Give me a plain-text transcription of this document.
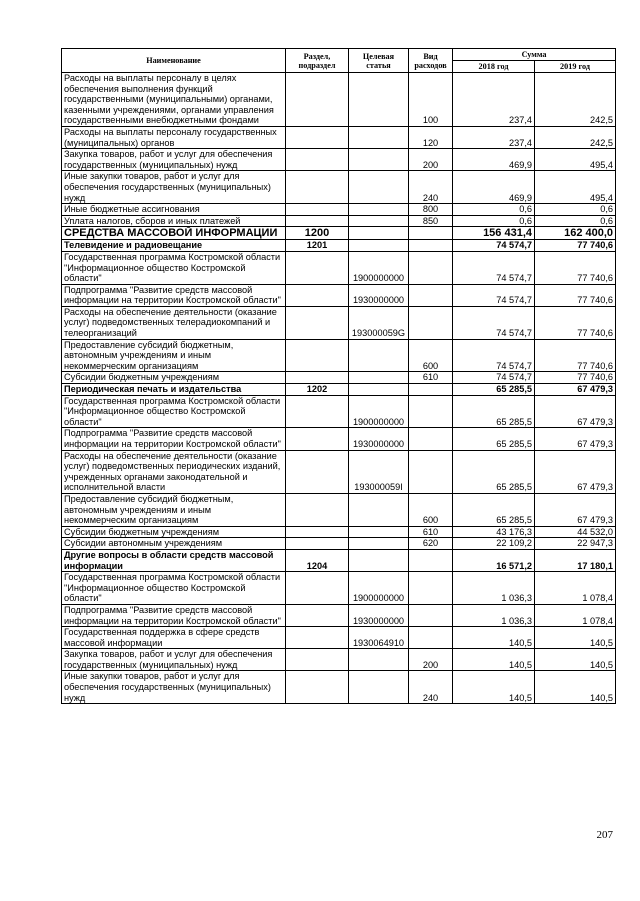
Наименование	Раздел, подраздел	Целевая статья	Вид расходов	Сумма	
				2018 год	2019 год
Расходы на выплаты персоналу в целях обеспечения выполнения функций государственными (муниципальными) органами, казенными учреждениями, органами управления государственными внебюджетными фондами			100	237,4	242,5
Расходы на выплаты персоналу государственных (муниципальных) органов			120	237,4	242,5
Закупка товаров, работ и услуг для обеспечения государственных (муниципальных) нужд			200	469,9	495,4
Иные закупки товаров, работ и услуг для обеспечения государственных (муниципальных) нужд			240	469,9	495,4
Иные бюджетные ассигнования			800	0,6	0,6
Уплата налогов, сборов и иных платежей			850	0,6	0,6
СРЕДСТВА МАССОВОЙ ИНФОРМАЦИИ	1200			156 431,4	162 400,0
Телевидение и радиовещание	1201			74 574,7	77 740,6
Государственная программа Костромской области "Информационное общество Костромской области"		1900000000		74 574,7	77 740,6
Подпрограмма "Развитие средств массовой информации на территории Костромской области"		1930000000		74 574,7	77 740,6
Расходы на обеспечение деятельности (оказание услуг) подведомственных телерадиокомпаний и телеорганизаций		193000059G		74 574,7	77 740,6
Предоставление субсидий бюджетным, автономным учреждениям и иным некоммерческим организациям			600	74 574,7	77 740,6
Субсидии бюджетным учреждениям			610	74 574,7	77 740,6
Периодическая печать и издательства	1202			65 285,5	67 479,3
Государственная программа Костромской области "Информационное общество Костромской области"		1900000000		65 285,5	67 479,3
Подпрограмма "Развитие средств массовой информации на территории Костромской области"		1930000000		65 285,5	67 479,3
Расходы на обеспечение деятельности (оказание услуг) подведомственных периодических изданий, учрежденных органами законодательной и исполнительной власти		193000059I		65 285,5	67 479,3
Предоставление субсидий бюджетным, автономным учреждениям и иным некоммерческим организациям			600	65 285,5	67 479,3
Субсидии бюджетным учреждениям			610	43 176,3	44 532,0
Субсидии автономным учреждениям			620	22 109,2	22 947,3
Другие вопросы в области средств массовой информации	1204			16 571,2	17 180,1
Государственная программа Костромской области "Информационное общество Костромской области"		1900000000		1 036,3	1 078,4
Подпрограмма "Развитие средств массовой информации на территории Костромской области"		1930000000		1 036,3	1 078,4
Государственная поддержка в сфере средств массовой информации		1930064910		140,5	140,5
Закупка товаров, работ и услуг для обеспечения государственных (муниципальных) нужд			200	140,5	140,5
Иные закупки товаров, работ и услуг для обеспечения государственных (муниципальных) нужд			240	140,5	140,5
207
